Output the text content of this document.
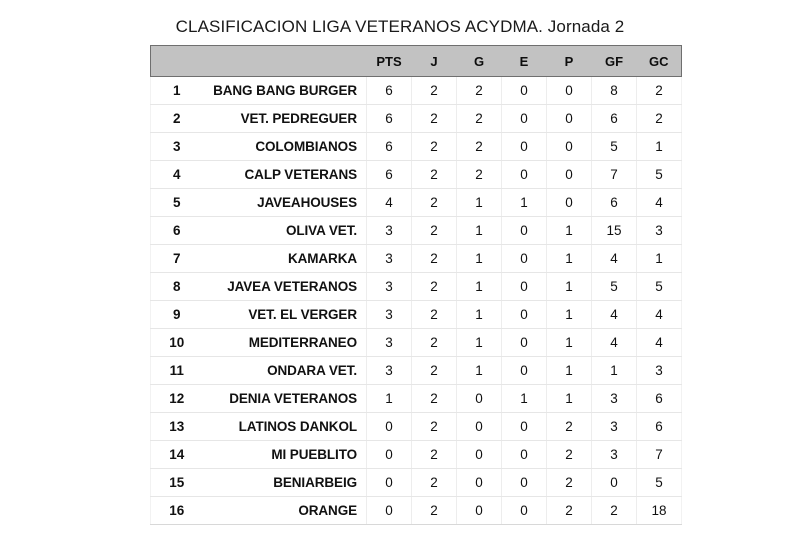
CLASIFICACION LIGA VETERANOS ACYDMA. Jornada 2
		PTS	J	G	E	P	GF	GC
1	BANG BANG BURGER	6	2	2	0	0	8	2
2	VET. PEDREGUER	6	2	2	0	0	6	2
3	COLOMBIANOS	6	2	2	0	0	5	1
4	CALP VETERANS	6	2	2	0	0	7	5
5	JAVEAHOUSES	4	2	1	1	0	6	4
6	OLIVA VET.	3	2	1	0	1	15	3
7	KAMARKA	3	2	1	0	1	4	1
8	JAVEA VETERANOS	3	2	1	0	1	5	5
9	VET. EL VERGER	3	2	1	0	1	4	4
10	MEDITERRANEO	3	2	1	0	1	4	4
11	ONDARA VET.	3	2	1	0	1	1	3
12	DENIA VETERANOS	1	2	0	1	1	3	6
13	LATINOS DANKOL	0	2	0	0	2	3	6
14	MI PUEBLITO	0	2	0	0	2	3	7
15	BENIARBEIG	0	2	0	0	2	0	5
16	ORANGE	0	2	0	0	2	2	18
